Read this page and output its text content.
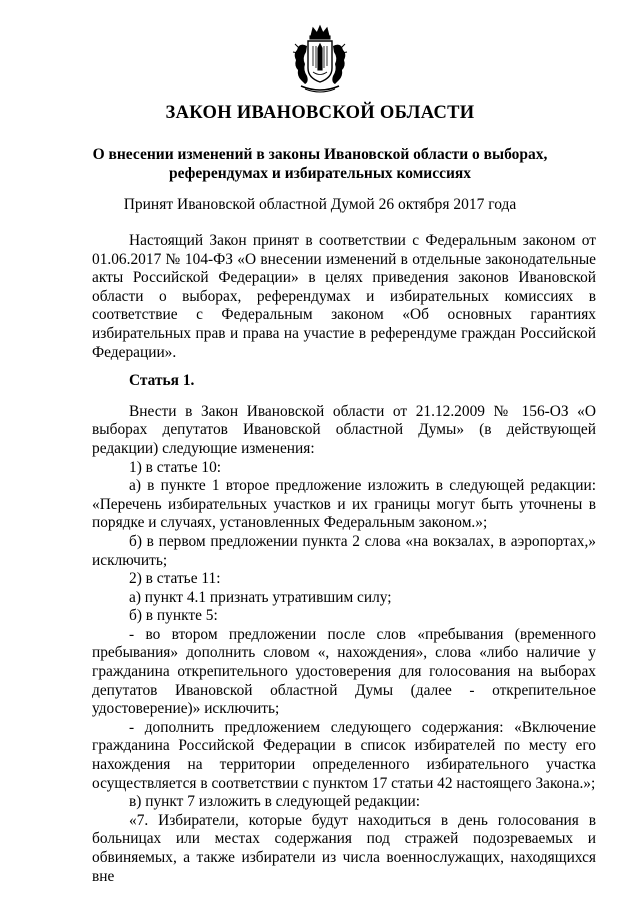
ЗАКОН ИВАНОВСКОЙ ОБЛАСТИ
О внесении изменений в законы Ивановской области о выборах,
референдумах и избирательных комиссиях

Принят Ивановской областной Думой 26 октября 2017 года

Настоящий Закон принят в соответствии с Федеральным законом от 01.06.2017 № 104-ФЗ «О внесении изменений в отдельные законодательные акты Российской Федерации» в целях приведения законов Ивановской области о выборах, референдумах и избирательных комиссиях в соответствие с Федеральным законом «Об основных гарантиях избирательных прав и права на участие в референдуме граждан Российской Федерации».

Статья 1.

Внести в Закон Ивановской области от 21.12.2009 № 156-ОЗ «О выборах депутатов Ивановской областной Думы» (в действующей редакции) следующие изменения:

1) в статье 10:

а) в пункте 1 второе предложение изложить в следующей редакции: «Перечень избирательных участков и их границы могут быть уточнены в порядке и случаях, установленных Федеральным законом.»;

б) в первом предложении пункта 2 слова «на вокзалах, в аэропортах,» исключить;

2) в статье 11:

а) пункт 4.1 признать утратившим силу;

б) в пункте 5:

- во втором предложении после слов «пребывания (временного пребывания» дополнить словом «, нахождения», слова «либо наличие у гражданина открепительного удостоверения для голосования на выборах депутатов Ивановской областной Думы (далее - открепительное удостоверение)» исключить;

- дополнить предложением следующего содержания: «Включение гражданина Российской Федерации в список избирателей по месту его нахождения на территории определенного избирательного участка осуществляется в соответствии с пунктом 17 статьи 42 настоящего Закона.»;

в) пункт 7 изложить в следующей редакции:

«7. Избиратели, которые будут находиться в день голосования в больницах или местах содержания под стражей подозреваемых и обвиняемых, а также избиратели из числа военнослужащих, находящихся вне
